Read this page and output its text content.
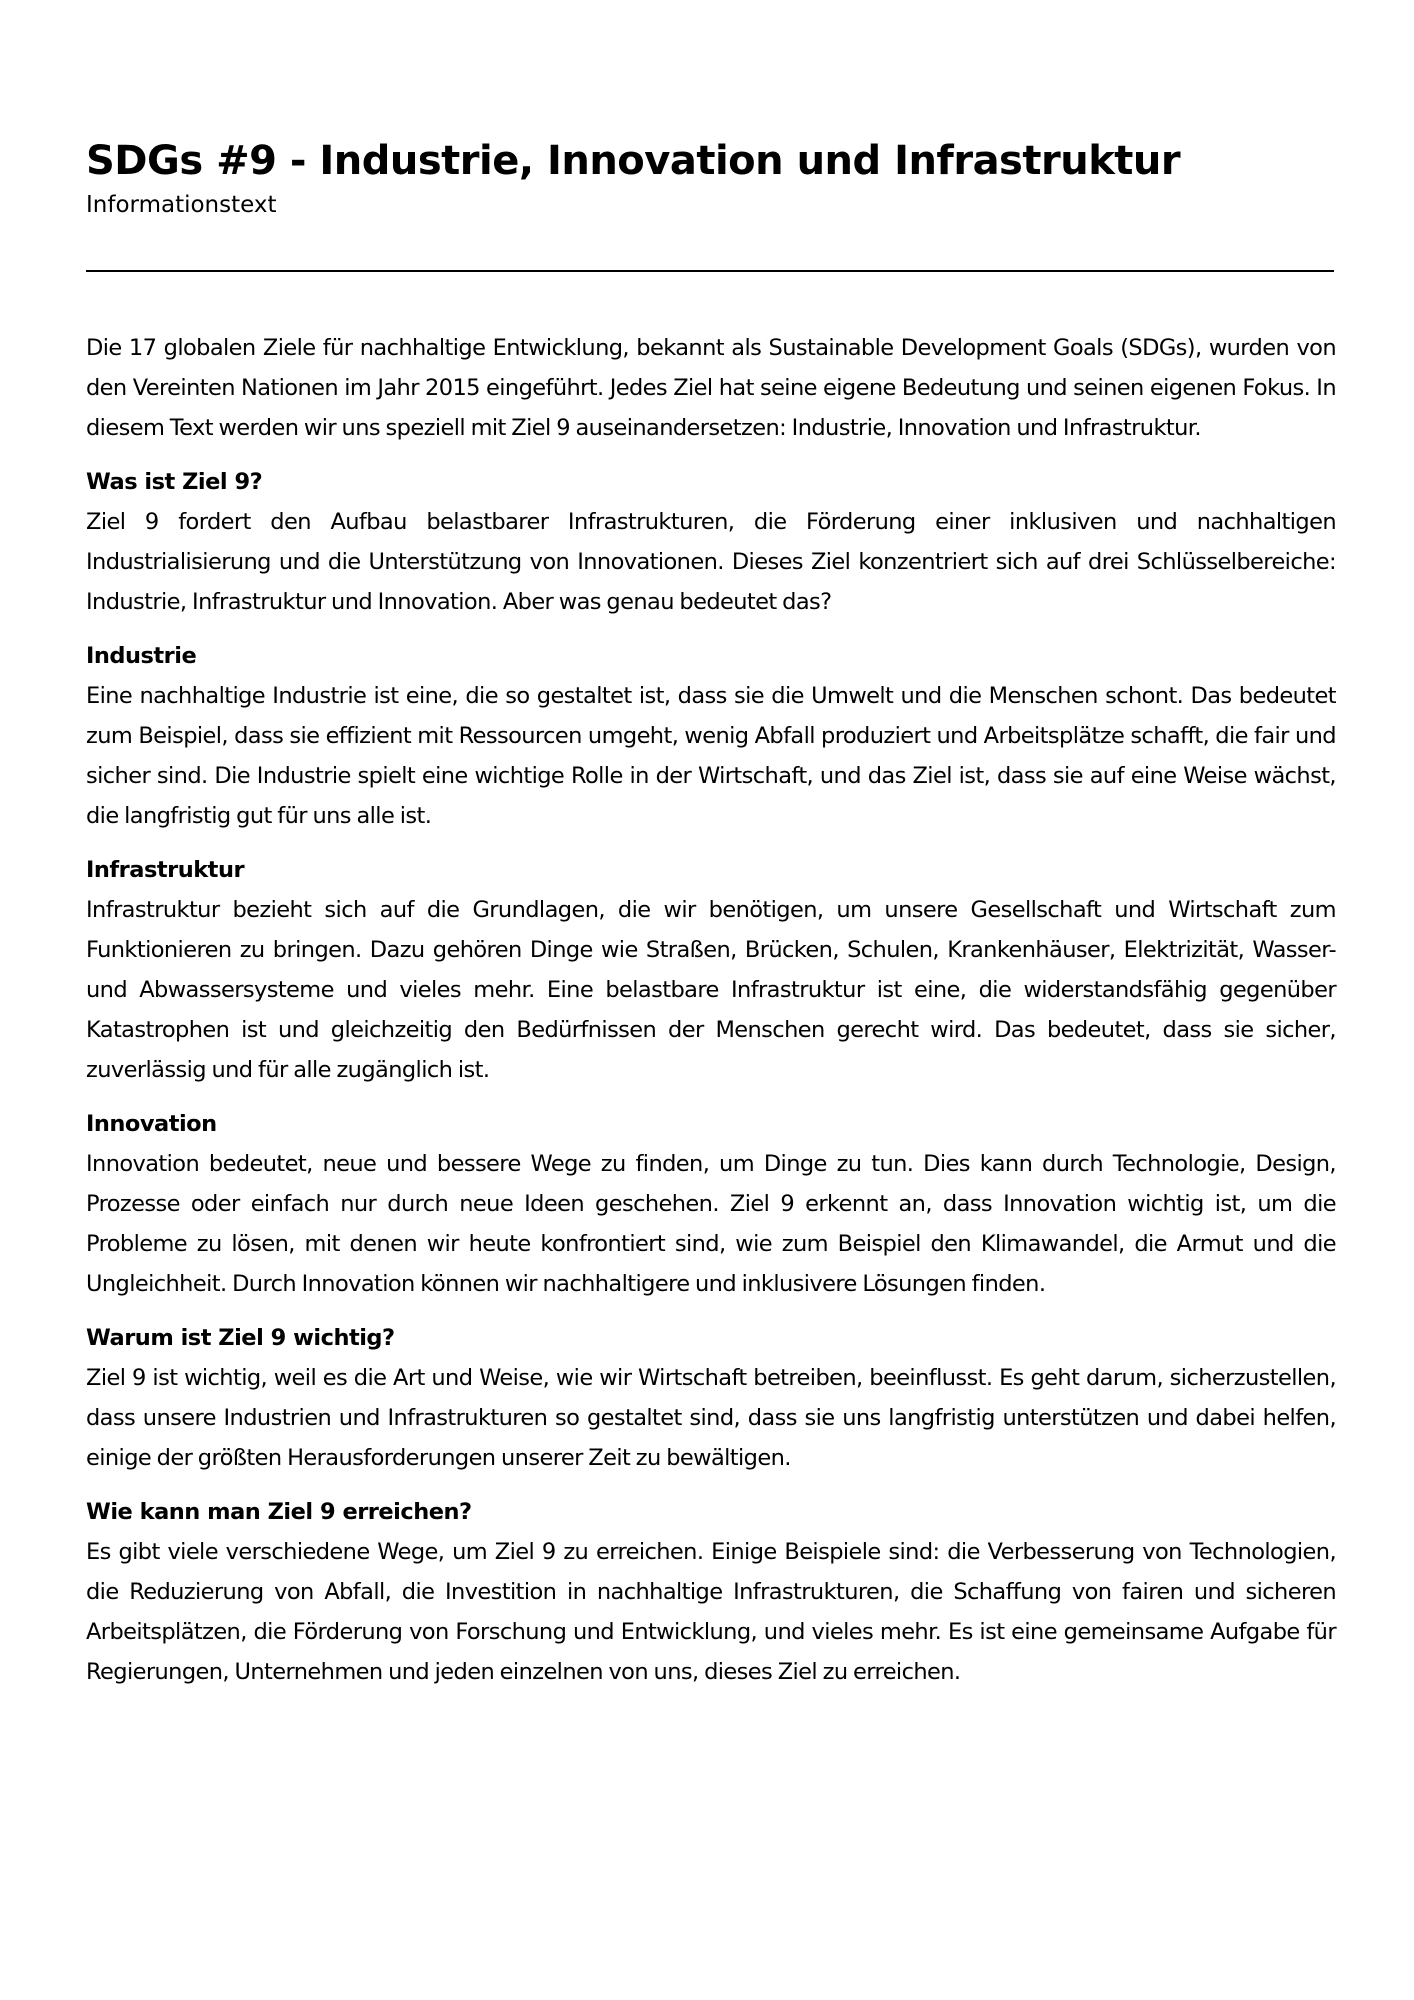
SDGs #9 - Industrie, Innovation und Infrastruktur

Informationstext

Die 17 globalen Ziele für nachhaltige Entwicklung, bekannt als Sustainable Development Goals (SDGs), wurden von den Vereinten Nationen im Jahr 2015 eingeführt. Jedes Ziel hat seine eigene Bedeutung und seinen eigenen Fokus. In diesem Text werden wir uns speziell mit Ziel 9 auseinandersetzen: Industrie, Innovation und Infrastruktur.

Was ist Ziel 9?

Ziel 9 fordert den Aufbau belastbarer Infrastrukturen, die Förderung einer inklusiven und nachhaltigen Industrialisierung und die Unterstützung von Innovationen. Dieses Ziel konzentriert sich auf drei Schlüsselbereiche: Industrie, Infrastruktur und Innovation. Aber was genau bedeutet das?

Industrie

Eine nachhaltige Industrie ist eine, die so gestaltet ist, dass sie die Umwelt und die Menschen schont. Das bedeutet zum Beispiel, dass sie effizient mit Ressourcen umgeht, wenig Abfall produziert und Arbeitsplätze schafft, die fair und sicher sind. Die Industrie spielt eine wichtige Rolle in der Wirtschaft, und das Ziel ist, dass sie auf eine Weise wächst, die langfristig gut für uns alle ist.

Infrastruktur

Infrastruktur bezieht sich auf die Grundlagen, die wir benötigen, um unsere Gesellschaft und Wirtschaft zum Funktionieren zu bringen. Dazu gehören Dinge wie Straßen, Brücken, Schulen, Krankenhäuser, Elektrizität, Wasser- und Abwassersysteme und vieles mehr. Eine belastbare Infrastruktur ist eine, die widerstandsfähig gegenüber Katastrophen ist und gleichzeitig den Bedürfnissen der Menschen gerecht wird. Das bedeutet, dass sie sicher, zuverlässig und für alle zugänglich ist.

Innovation

Innovation bedeutet, neue und bessere Wege zu finden, um Dinge zu tun. Dies kann durch Technologie, Design, Prozesse oder einfach nur durch neue Ideen geschehen. Ziel 9 erkennt an, dass Innovation wichtig ist, um die Probleme zu lösen, mit denen wir heute konfrontiert sind, wie zum Beispiel den Klimawandel, die Armut und die Ungleichheit. Durch Innovation können wir nachhaltigere und inklusivere Lösungen finden.

Warum ist Ziel 9 wichtig?

Ziel 9 ist wichtig, weil es die Art und Weise, wie wir Wirtschaft betreiben, beeinflusst. Es geht darum, sicherzustellen, dass unsere Industrien und Infrastrukturen so gestaltet sind, dass sie uns langfristig unterstützen und dabei helfen, einige der größten Herausforderungen unserer Zeit zu bewältigen.

Wie kann man Ziel 9 erreichen?

Es gibt viele verschiedene Wege, um Ziel 9 zu erreichen. Einige Beispiele sind: die Verbesserung von Technologien, die Reduzierung von Abfall, die Investition in nachhaltige Infrastrukturen, die Schaffung von fairen und sicheren Arbeitsplätzen, die Förderung von Forschung und Entwicklung, und vieles mehr. Es ist eine gemeinsame Aufgabe für Regierungen, Unternehmen und jeden einzelnen von uns, dieses Ziel zu erreichen.
